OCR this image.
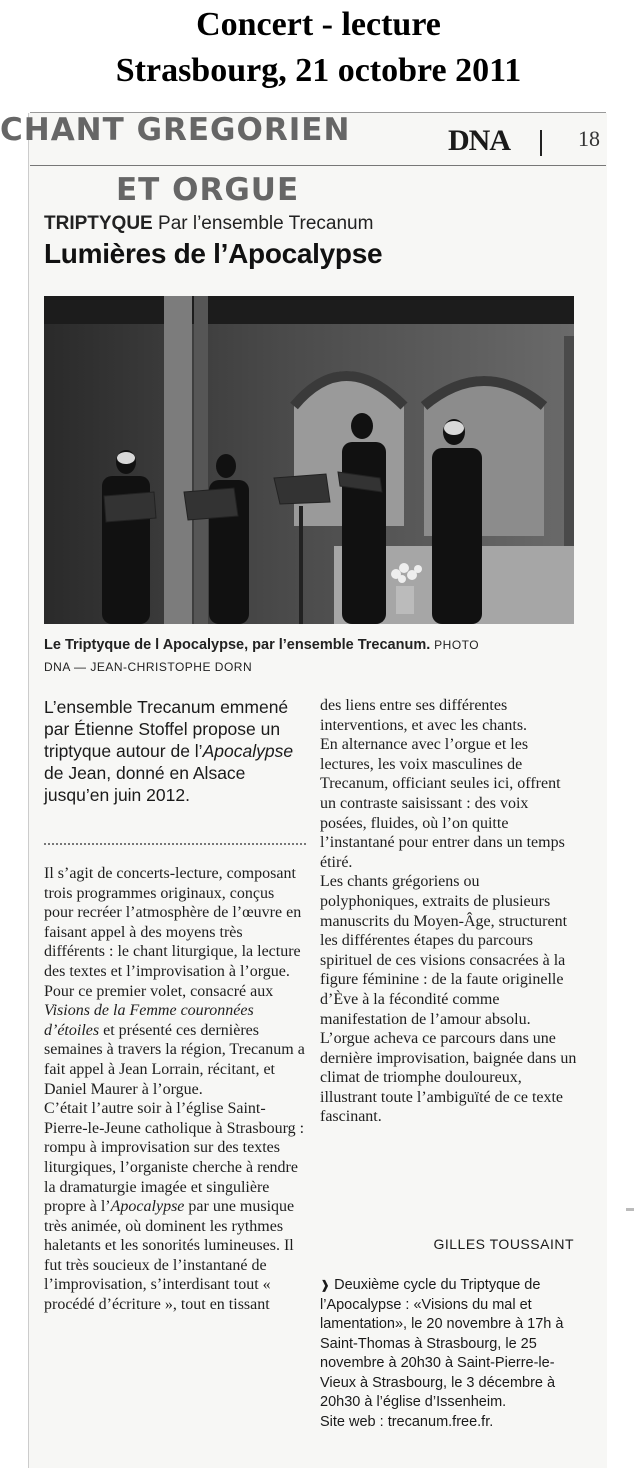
Concert - lecture
Strasbourg, 21 octobre 2011
DNA	18
CHANT GREGORIEN
ET ORGUE
TRIPTYQUE Par l’ensemble Trecanum
Lumières de l’Apocalypse
Le Triptyque de l Apocalypse, par l’ensemble Trecanum. PHOTO
DNA — JEAN-CHRISTOPHE DORN
L’ensemble Trecanum emmené par Étienne Stoffel propose un triptyque autour de l’Apocalypse de Jean, donné en Alsace jusqu’en juin 2012.

Il s’agit de concerts-lecture, composant trois programmes originaux, conçus pour recréer l’atmosphère de l’œuvre en faisant appel à des moyens très différents : le chant liturgique, la lecture des textes et l’improvisation à l’orgue.

Pour ce premier volet, consacré aux Visions de la Femme couronnées d’étoiles et présenté ces dernières semaines à travers la région, Trecanum a fait appel à Jean Lorrain, récitant, et Daniel Maurer à l’orgue.

C’était l’autre soir à l’église Saint-Pierre-le-Jeune catholique à Strasbourg : rompu à improvisation sur des textes liturgiques, l’organiste cherche à rendre la dramaturgie imagée et singulière propre à l’Apocalypse par une musique très animée, où dominent les rythmes haletants et les sonorités lumineuses. Il fut très soucieux de l’instantané de l’improvisation, s’interdisant tout « procédé d’écriture », tout en tissant

des liens entre ses différentes interventions, et avec les chants.

En alternance avec l’orgue et les lectures, les voix masculines de Trecanum, officiant seules ici, offrent un contraste saisissant : des voix posées, fluides, où l’on quitte l’instantané pour entrer dans un temps étiré.

Les chants grégoriens ou polyphoniques, extraits de plusieurs manuscrits du Moyen-Âge, structurent les différentes étapes du parcours spirituel de ces visions consacrées à la figure féminine : de la faute originelle d’Ève à la fécondité comme manifestation de l’amour absolu.

L’orgue acheva ce parcours dans une dernière improvisation, baignée dans un climat de triomphe douloureux, illustrant toute l’ambiguïté de ce texte fascinant.

GILLES TOUSSAINT

❱ Deuxième cycle du Triptyque de l’Apocalypse : «Visions du mal et lamentation», le 20 novembre à 17h à Saint-Thomas à Strasbourg, le 25 novembre à 20h30 à Saint-Pierre-le-Vieux à Strasbourg, le 3 décembre à 20h30 à l’église d’Issenheim.

Site web : trecanum.free.fr.
